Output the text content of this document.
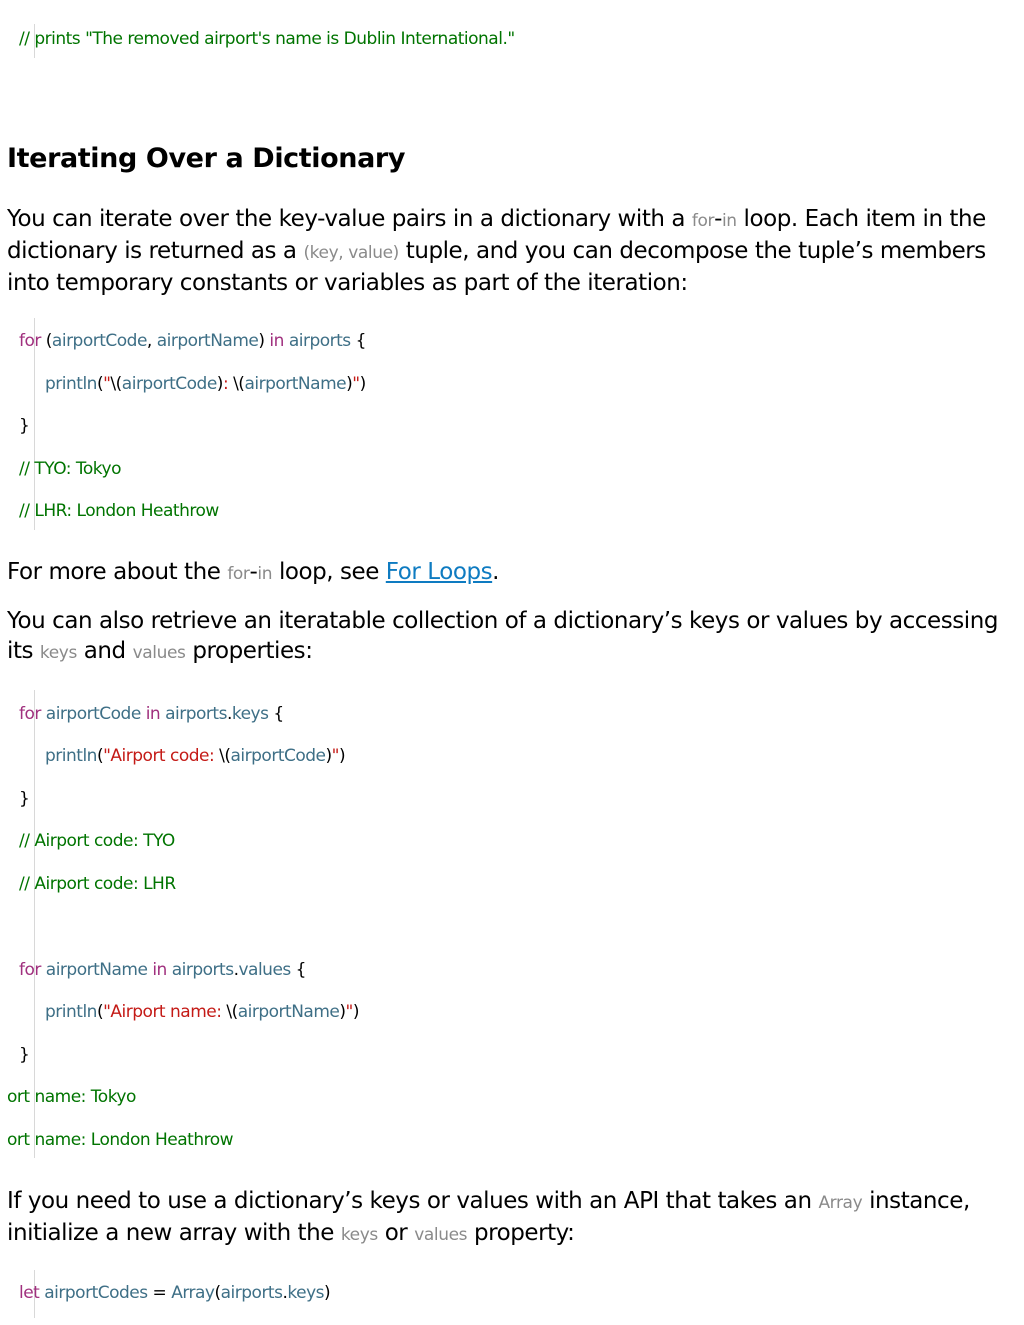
// prints "The removed airport's name is Dublin International."
Iterating Over a Dictionary

You can iterate over the key-value pairs in a dictionary with a for-in loop. Each item in the dictionary is returned as a (key, value) tuple, and you can decompose the tuple’s members into temporary constants or variables as part of the iteration:

for (airportCode, airportName) in airports {
println("\(airportCode): \(airportName)")
}
// TYO: Tokyo
// LHR: London Heathrow

For more about the for-in loop, see For Loops.

You can also retrieve an iteratable collection of a dictionary’s keys or values by accessing its keys and values properties:

for airportCode in airports.keys {
println("Airport code: \(airportCode)")
}
// Airport code: TYO
// Airport code: LHR
for airportName in airports.values {
println("Airport name: \(airportName)")
}
ort name: Tokyo
ort name: London Heathrow

If you need to use a dictionary’s keys or values with an API that takes an Array instance, initialize a new array with the keys or values property:

let airportCodes = Array(airports.keys)
